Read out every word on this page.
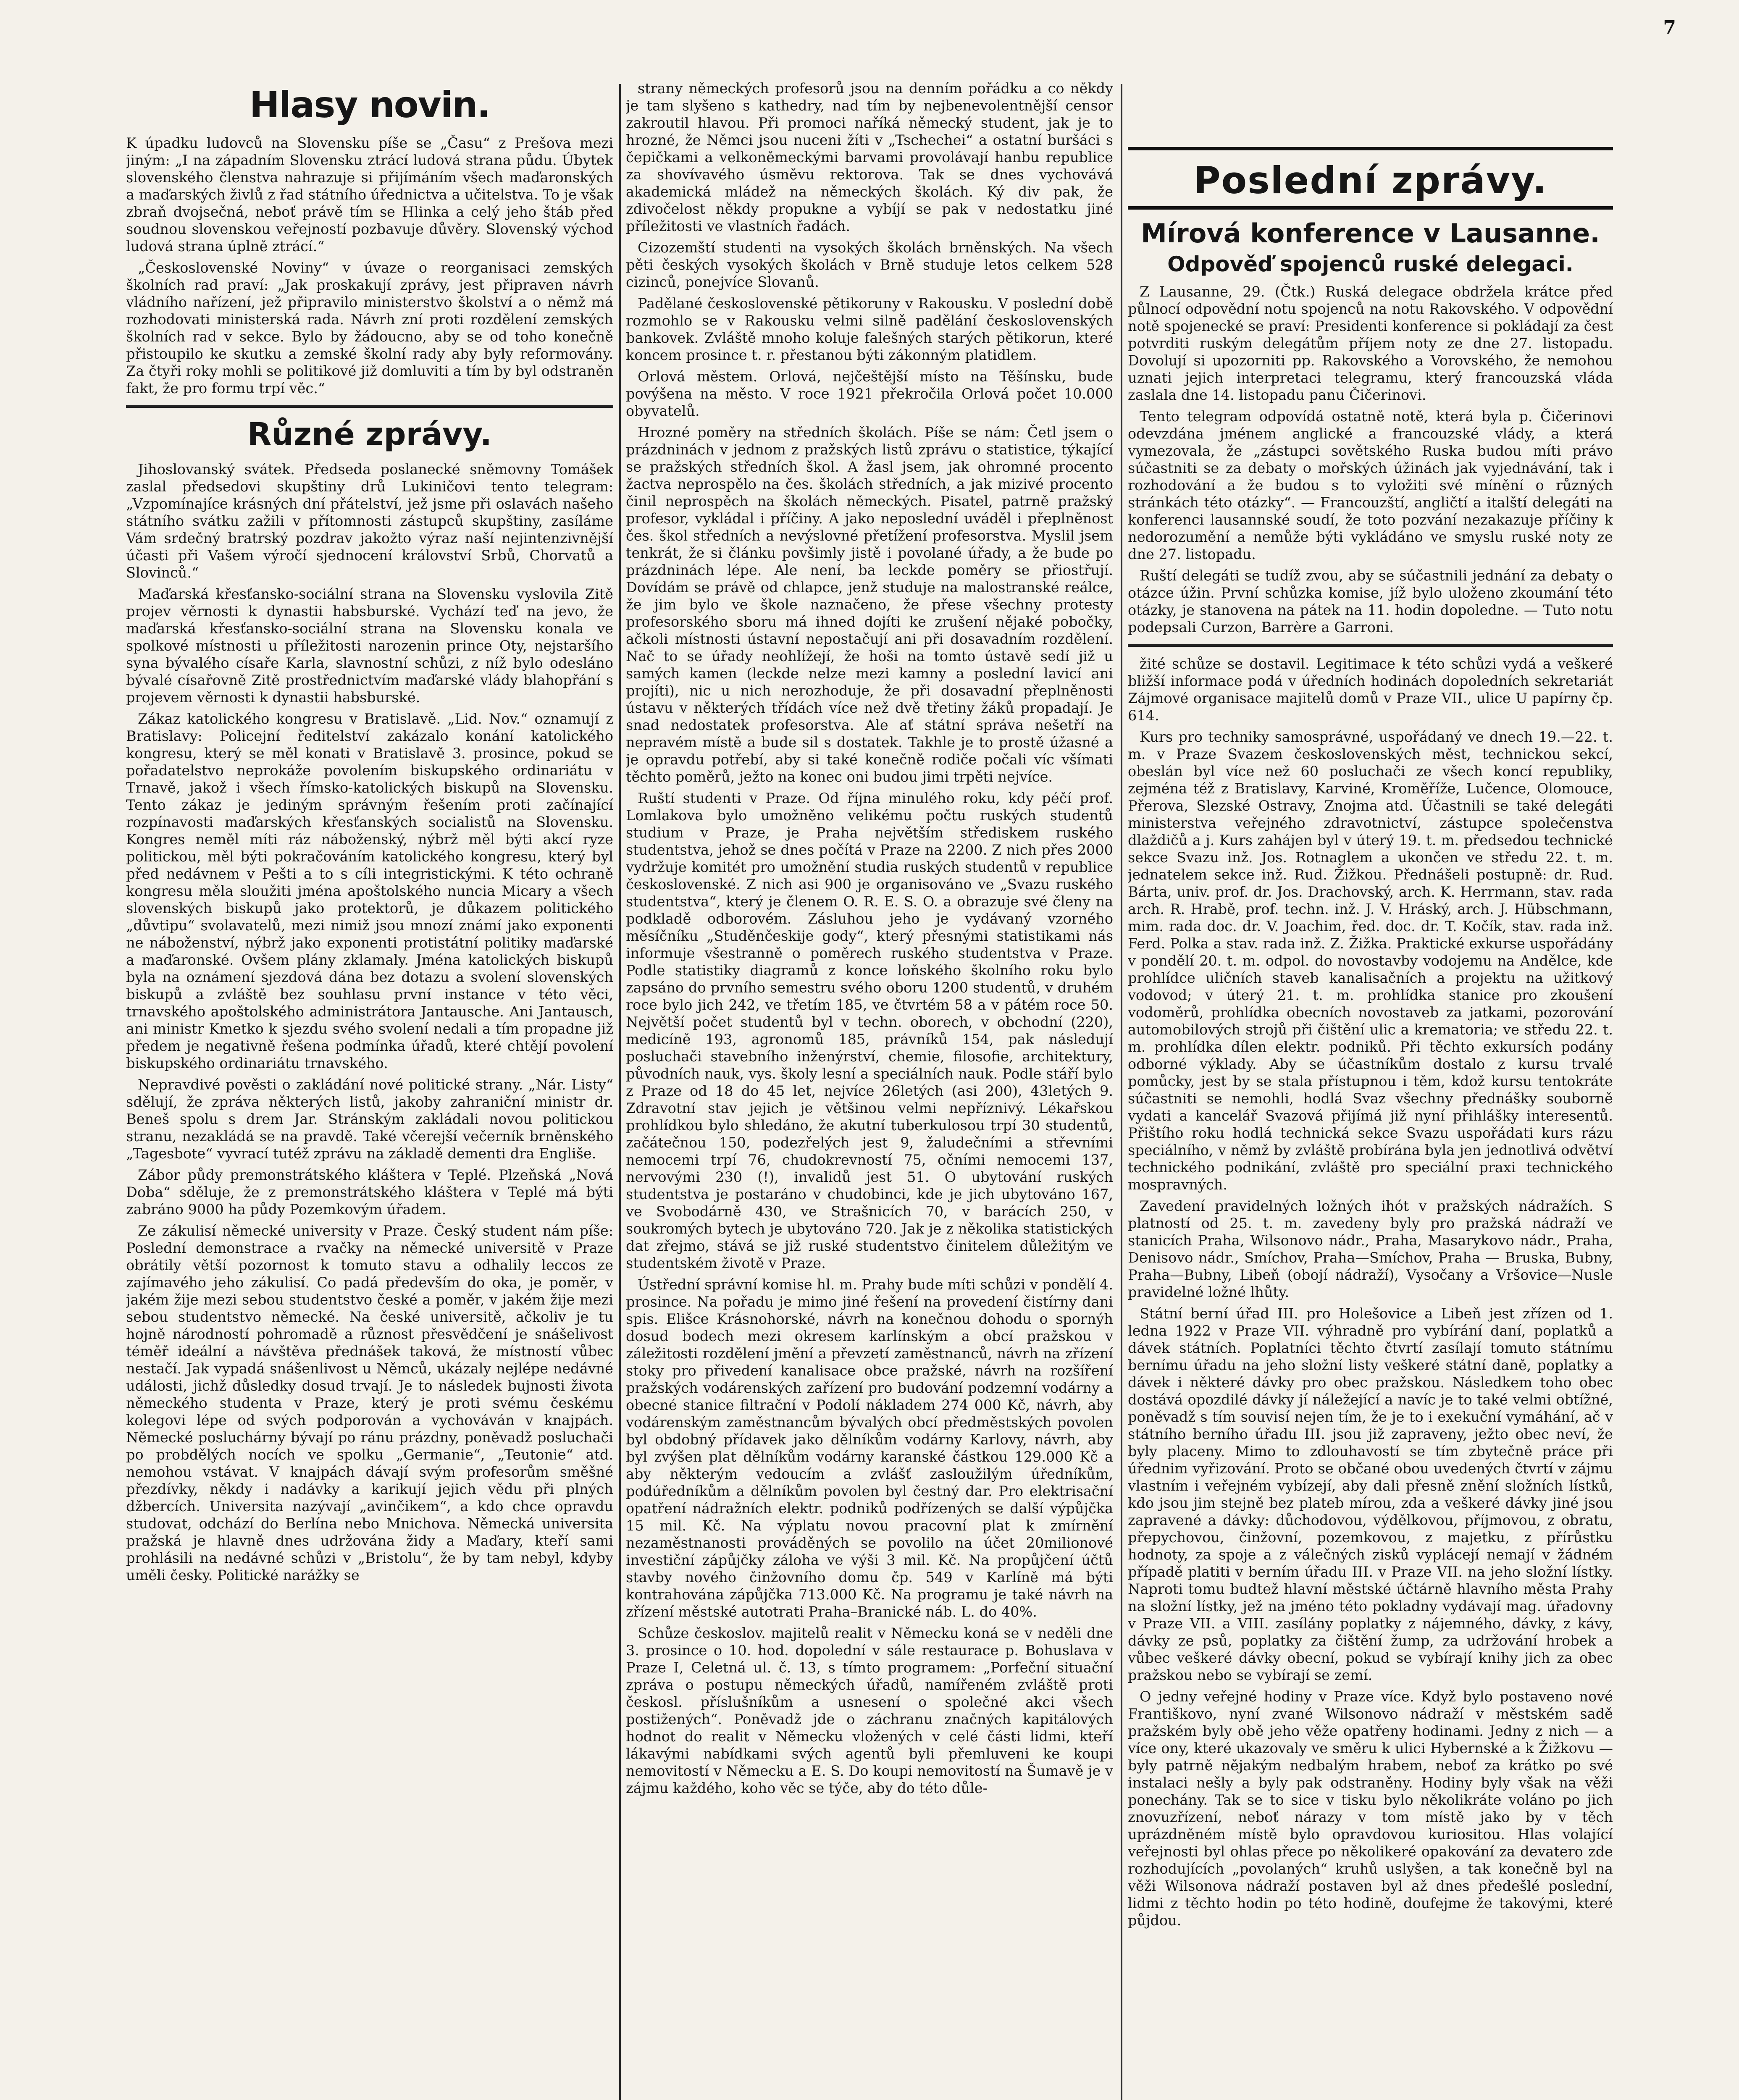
7
Hlasy novin.

K úpadku ludovců na Slovensku píše se „Času“ z Prešova mezi jiným: „I na západním Slovensku ztrácí ludová strana půdu. Úbytek slovenského členstva nahrazuje si přijímáním všech maďaronských a maďarských živlů z řad státního úřednictva a učitelstva. To je však zbraň dvojsečná, neboť právě tím se Hlinka a celý jeho štáb před soudnou slovenskou veřejností pozbavuje důvěry. Slovenský východ ludová strana úplně ztrácí.“

„Československé Noviny“ v úvaze o reorganisaci zemských školních rad praví: „Jak proskakují zprávy, jest připraven návrh vládního nařízení, jež připravilo ministerstvo školství a o němž má rozhodovati ministerská rada. Návrh zní proti rozdělení zemských školních rad v sekce. Bylo by žádoucno, aby se od toho konečně přistoupilo ke skutku a zemské školní rady aby byly reformovány. Za čtyři roky mohli se politikové již domluviti a tím by byl odstraněn fakt, že pro formu trpí věc.“

Různé zprávy.

Jihoslovanský svátek. Předseda poslanecké sněmovny Tomášek zaslal předsedovi skupštiny drů Lukiničovi tento telegram: „Vzpomínajíce krásných dní přátelství, jež jsme při oslavách našeho státního svátku zažili v přítomnosti zástupců skupštiny, zasíláme Vám srdečný bratrský pozdrav jakožto výraz naší nejintenzivnější účasti při Vašem výročí sjednocení království Srbů, Chorvatů a Slovinců.“

Maďarská křesťansko-sociální strana na Slovensku vyslovila Zitě projev věrnosti k dynastii habsburské. Vychází teď na jevo, že maďarská křesťansko-sociální strana na Slovensku konala ve spolkové místnosti u příležitosti narozenin prince Oty, nejstaršího syna bývalého císaře Karla, slavnostní schůzi, z níž bylo odesláno bývalé císařovně Zitě prostřednictvím maďarské vlády blahopřání s projevem věrnosti k dynastii habsburské.

Zákaz katolického kongresu v Bratislavě. „Lid. Nov.“ oznamují z Bratislavy: Policejní ředitelství zakázalo konání katolického kongresu, který se měl konati v Bratislavě 3. prosince, pokud se pořadatelstvo neprokáže povolením biskupského ordinariátu v Trnavě, jakož i všech římsko-katolických biskupů na Slovensku. Tento zákaz je jediným správným řešením proti začínající rozpínavosti maďarských křesťanských socialistů na Slovensku. Kongres neměl míti ráz náboženský, nýbrž měl býti akcí ryze politickou, měl býti pokračováním katolického kongresu, který byl před nedávnem v Pešti a to s cíli integristickými. K této ochraně kongresu měla sloužiti jména apoštolského nuncia Micary a všech slovenských biskupů jako protektorů, je důkazem politického „důvtipu“ svolavatelů, mezi nimiž jsou mnozí známí jako exponenti ne náboženství, nýbrž jako exponenti protistátní politiky maďarské a maďaronské. Ovšem plány zklamaly. Jména katolických biskupů byla na oznámení sjezdová dána bez dotazu a svolení slovenských biskupů a zvláště bez souhlasu první instance v této věci, trnavského apoštolského administrátora Jantauschе. Ani Jantausch, ani ministr Kmetko k sjezdu svého svolení nedali a tím propadne již předem je negativně řešena podmínka úřadů, které chtějí povolení biskupského ordinariátu trnavského.

Nepravdivé pověsti o zakládání nové politické strany. „Nár. Listy“ sdělují, že zpráva některých listů, jakoby zahraniční ministr dr. Beneš spolu s drem Jar. Stránským zakládali novou politickou stranu, nezakládá se na pravdě. Také včerejší večerník brněnského „Tagesbote“ vyvrací tutéž zprávu na základě dementi dra Engliše.

Zábor půdy premonstrátského kláštera v Teplé. Plzeňská „Nová Doba“ sděluje, že z premonstrátského kláštera v Teplé má býti zabráno 9000 ha půdy Pozemkovým úřadem.

Ze zákulisí německé university v Praze. Český student nám píše: Poslední demonstrace a rvačky na německé universitě v Praze obrátily větší pozornost k tomuto stavu a odhalily leccos ze zajímavého jeho zákulisí. Co padá především do oka, je poměr, v jakém žije mezi sebou studentstvo české a poměr, v jakém žije mezi sebou studentstvo německé. Na české universitě, ačkoliv je tu hojně národností pohromadě a různost přesvědčení je snášelivost téměř ideální a návštěva přednášek taková, že místností vůbec nestačí. Jak vypadá snášenlivost u Němců, ukázaly nejlépe nedávné události, jichž důsledky dosud trvají. Je to následek bujnosti života německého studenta v Praze, který je proti svému českému kolegovi lépe od svých podporován a vychováván v knajpách. Německé posluchárny bývají po ránu prázdny, poněvadž posluchači po probdělých nocích ve spolku „Germanie“, „Teutonie“ atd. nemohou vstávat. V knajpách dávají svým profesorům směšné přezdívky, někdy i nadávky a karikují jejich vědu při plných džbercích. Universita nazývají „avinčikem“, a kdo chce opravdu studovat, odchází do Berlína nebo Mnichova. Německá universita pražská je hlavně dnes udržována židy a Maďary, kteří sami prohlásili na nedávné schůzi v „Bristolu“, že by tam nebyl, kdyby uměli česky. Politické narážky se

strany německých profesorů jsou na denním pořádku a co někdy je tam slyšeno s kathedry, nad tím by nejbenevolentnější censor zakroutil hlavou. Při promoci naříká německý student, jak je to hrozné, že Němci jsou nuceni žíti v „Tschechei“ a ostatní buršáci s čepičkami a velkoněmeckými barvami provolávají hanbu republice za shovívavého úsměvu rektorova. Tak se dnes vychovává akademická mládež na německých školách. Ký div pak, že zdivočelost někdy propukne a vybíjí se pak v nedostatku jiné příležitosti ve vlastních řadách.

Cizozemští studenti na vysokých školách brněnských. Na všech pěti českých vysokých školách v Brně studuje letos celkem 528 cizinců, ponejvíce Slovanů.

Padělané československé pětikoruny v Rakousku. V poslední době rozmohlo se v Rakousku velmi silně padělání československých bankovek. Zvláště mnoho koluje falešných starých pětikorun, které koncem prosince t. r. přestanou býti zákonným platidlem.

Orlová městem. Orlová, nejčeštější místo na Těšínsku, bude povýšena na město. V roce 1921 překročila Orlová počet 10.000 obyvatelů.

Hrozné poměry na středních školách. Píše se nám: Četl jsem o prázdninách v jednom z pražských listů zprávu o statistice, týkající se pražských středních škol. A žasl jsem, jak ohromné procento žactva neprospělo na čes. školách středních, a jak mizivé procento činil neprospěch na školách německých. Pisatel, patrně pražský profesor, vykládal i příčiny. A jako neposlední uváděl i přeplněnost čes. škol středních a nevýslovné přetížení profesorstva. Myslil jsem tenkrát, že si článku povšimly jistě i povolané úřady, a že bude po prázdninách lépe. Ale není, ba leckde poměry se přiostřují. Dovídám se právě od chlapce, jenž studuje na malostranské reálce, že jim bylo ve škole naznačeno, že přese všechny protesty profesorského sboru má ihned dojíti ke zrušení nějaké pobočky, ačkoli místnosti ústavní nepostačují ani při dosavadním rozdělení. Nač to se úřady neohlížejí, že hoši na tomto ústavě sedí již u samých kamen (leckde nelze mezi kamny a poslední lavicí ani projíti), nic u nich nerozhoduje, že při dosavadní přeplněnosti ústavu v některých třídách více než dvě třetiny žáků propadají. Je snad nedostatek profesorstva. Ale ať státní správa nešetří na nepravém místě a bude sil s dostatek. Takhle je to prostě úžasné a je opravdu potřebí, aby si také konečně rodiče počali víc všímati těchto poměrů, ježto na konec oni budou jimi trpěti nejvíce.

Ruští studenti v Praze. Od října minulého roku, kdy péčí prof. Lomlakova bylo umožněno velikému počtu ruských studentů studium v Praze, je Praha největším střediskem ruského studentstva, jehož se dnes počítá v Praze na 2200. Z nich přes 2000 vydržuje komitét pro umožnění studia ruských studentů v republice československé. Z nich asi 900 je organisováno ve „Svazu ruského studentstva“, který je členem O. R. E. S. O. a obrazuje své členy na podkladě odborovém. Zásluhou jeho je vydávaný vzorného měsíčníku „Studěnčeskije gody“, který přesnými statistikami nás informuje všestranně o poměrech ruského studentstva v Praze. Podle statistiky diagramů z konce loňského školního roku bylo zapsáno do prvního semestru svého oboru 1200 studentů, v druhém roce bylo jich 242, ve třetím 185, ve čtvrtém 58 a v pátém roce 50. Největší počet studentů byl v techn. oborech, v obchodní (220), medicíně 193, agronomů 185, právníků 154, pak následují posluchači stavebního inženýrství, chemie, filosofie, architektury, původních nauk, vys. školy lesní a speciálních nauk. Podle stáří bylo z Praze od 18 do 45 let, nejvíce 26letých (asi 200), 43letých 9. Zdravotní stav jejich je většinou velmi nepříznivý. Lékařskou prohlídkou bylo shledáno, že akutní tuberkulosou trpí 30 studentů, začátečnou 150, podezřelých jest 9, žaludečními a střevními nemocemi trpí 76, chudokrevností 75, očními nemocemi 137, nervovými 230 (!), invalidů jest 51. O ubytování ruských studentstva je postaráno v chudobinci, kde je jich ubytováno 167, ve Svobodárně 430, ve Strašnicích 70, v barácích 250, v soukromých bytech je ubytováno 720. Jak je z několika statistických dat zřejmo, stává se již ruské studentstvo činitelem důležitým ve studentském životě v Praze.

Ústřední správní komise hl. m. Prahy bude míti schůzi v pondělí 4. prosince. Na pořadu je mimo jiné řešení na provedení čistírny dani spis. Elišce Krásnohorské, návrh na konečnou dohodu o spornýh dosud bodech mezi okresem karlínským a obcí pražskou v záležitosti rozdělení jmění a převzetí zaměstnanců, návrh na zřízení stoky pro přivedení kanalisace obce pražské, návrh na rozšíření pražských vodárenských zařízení pro budování podzemní vodárny a obecné stanice filtrační v Podolí nákladem 274 000 Kč, návrh, aby vodárenským zaměstnancům bývalých obcí předměstských povolen byl obdobný přídavek jako dělníkům vodárny Karlovy, návrh, aby byl zvýšen plat dělníkům vodárny karanské částkou 129.000 Kč a aby některým vedoucím a zvlášť zasloužilým úředníkům, podúředníkům a dělníkům povolen byl čestný dar. Pro elektrisační opatření nádražních elektr. podniků podřízených se další výpůjčka 15 mil. Kč. Na výplatu novou pracovní plat k zmírnění nezaměstnanosti prováděných se povolilo na účet 20milionové investiční zápůjčky záloha ve výši 3 mil. Kč. Na propůjčení účtů stavby nového činžovního domu čp. 549 v Karlíně má býti kontrahována zápůjčka 713.000 Kč. Na programu je také návrh na zřízení městské autotrati Praha–Branické náb. L. do 40%.

Schůze českoslov. majitelů realit v Německu koná se v neděli dne 3. prosince o 10. hod. dopolední v sále restaurace p. Bohuslava v Praze I, Celetná ul. č. 13, s tímto programem: „Porfeční situační zpráva o postupu německých úřadů, namířeném zvláště proti českosl. příslušníkům a usnesení o společné akci všech postižených“. Poněvadž jde o záchranu značných kapitálových hodnot do realit v Německu vložených v celé části lidmi, kteří lákavými nabídkami svých agentů byli přemluveni ke koupi nemovitostí v Německu a E. S. Do koupi nemovitostí na Šumavě je v zájmu každého, koho věc se týče, aby do této důle-

Poslední zprávy.
Mírová konference v Lausanne.
Odpověď spojenců ruské delegaci.

Z Lausanne, 29. (Čtk.) Ruská delegace obdržela krátce před půlnocí odpovědní notu spojenců na notu Rakovského. V odpovědní notě spojenecké se praví: Presidenti konference si pokládají za čest potvrditi ruským delegátům příjem noty ze dne 27. listopadu. Dovolují si upozorniti pp. Rakovského a Vorovského, že nemohou uznati jejich interpretaci telegramu, který francouzská vláda zaslala dne 14. listopadu panu Čičerinovi.

Tento telegram odpovídá ostatně notě, která byla p. Čičerinovi odevzdána jménem anglické a francouzské vlády, a která vymezovala, že „zástupci sovětského Ruska budou míti právo súčastniti se za debaty o mořských úžinách jak vyjednávání, tak i rozhodování a že budou s to vyložiti své mínění o různých stránkách této otázky“. — Francouzští, angličtí a italští delegáti na konferenci lausannské soudí, že toto pozvání nezakazuje příčiny k nedorozumění a nemůže býti vykládáno ve smyslu ruské noty ze dne 27. listopadu.

Ruští delegáti se tudíž zvou, aby se súčastnili jednání za debaty o otázce úžin. První schůzka komise, jíž bylo uloženo zkoumání této otázky, je stanovena na pátek na 11. hodin dopoledne. — Tuto notu podepsali Curzon, Barrère a Garroni.

žité schůze se dostavil. Legitimace k této schůzi vydá a veškeré bližší informace podá v úředních hodinách dopoledních sekretariát Zájmové organisace majitelů domů v Praze VII., ulice U papírny čp. 614.

Kurs pro techniky samosprávné, uspořádaný ve dnech 19.—22. t. m. v Praze Svazem československých měst, technickou sekcí, obeslán byl více než 60 posluchači ze všech koncí republiky, zejména též z Bratislavy, Karviné, Kroměříže, Lučence, Olomouce, Přerova, Slezské Ostravy, Znojma atd. Účastnili se také delegáti ministerstva veřejného zdravotnictví, zástupce společenstva dlaždičů a j. Kurs zahájen byl v úterý 19. t. m. předsedou technické sekce Svazu inž. Jos. Rotnaglem a ukončen ve středu 22. t. m. jednatelem sekce inž. Rud. Žižkou. Přednášeli postupně: dr. Rud. Bárta, univ. prof. dr. Jos. Drachovský, arch. K. Herrmann, stav. rada arch. R. Hrabě, prof. techn. inž. J. V. Hráský, arch. J. Hübschmann, mim. rada doc. dr. V. Joachim, řed. doc. dr. T. Kočík, stav. rada inž. Ferd. Polka a stav. rada inž. Z. Žižka. Praktické exkurse uspořádány v pondělí 20. t. m. odpol. do novostavby vodojemu na Andělce, kde prohlídce uličních staveb kanalisačních a projektu na užitkový vodovod; v úterý 21. t. m. prohlídka stanice pro zkoušení vodoměrů, prohlídka obecních novostaveb za jatkami, pozorování automobilových strojů při čištění ulic a krematoria; ve středu 22. t. m. prohlídka dílen elektr. podniků. Při těchto exkursích podány odborné výklady. Aby se účastníkům dostalo z kursu trvalé pomůcky, jest by se stala přístupnou i těm, kdož kursu tentokráte súčastniti se nemohli, hodlá Svaz všechny přednášky souborně vydati a kancelář Svazová přijímá již nyní přihlášky interesentů. Přištího roku hodlá technická sekce Svazu uspořádati kurs rázu speciálního, v němž by zvláště probírána byla jen jednotlivá odvětví technického podnikání, zvláště pro speciální praxi technického mospravných.

Zavedení pravidelných ložných ihót v pražských nádražích. S platností od 25. t. m. zavedeny byly pro pražská nádraží ve stanicích Praha, Wilsonovo nádr., Praha, Masarykovo nádr., Praha, Denisovo nádr., Smíchov, Praha—Smíchov, Praha — Bruska, Bubny, Praha—Bubny, Libeň (obojí nádraží), Vysočany a Vršovice—Nusle pravidelné ložné lhůty.

Státní berní úřad III. pro Holešovice a Libeň jest zřízen od 1. ledna 1922 v Praze VII. výhradně pro vybírání daní, poplatků a dávek státních. Poplatníci těchto čtvrtí zasílají tomuto státnímu bernímu úřadu na jeho složní listy veškeré státní daně, poplatky a dávek i některé dávky pro obec pražskou. Následkem toho obec dostává opozdilé dávky jí náležející a navíc je to také velmi obtížné, poněvadž s tím souvisí nejen tím, že je to i exekuční vymáhání, ač v státního berního úřadu III. jsou již zapraveny, ježto obec neví, že byly placeny. Mimo to zdlouhavostí se tím zbytečně práce při úřednim vyřizování. Proto se občané obou uvedených čtvrtí v zájmu vlastním i veřejném vybízejí, aby dali přesně znění složních lístků, kdo jsou jim stejně bez plateb mírou, zda a veškeré dávky jiné jsou zapravené a dávky: důchodovou, výdělkovou, příjmovou, z obratu, přepychovou, činžovní, pozemkovou, z majetku, z přírůstku hodnoty, za spoje a z válečných zisků vyplácejí nemají v žádném případě platiti v berním úřadu III. v Praze VII. na jeho složní lístky. Naproti tomu budtež hlavní městské účtárně hlavního města Prahy na složní lístky, jež na jméno této pokladny vydávají mag. úřadovny v Praze VII. a VIII. zasílány poplatky z nájemného, dávky, z kávy, dávky ze psů, poplatky za čištění žump, za udržování hrobek a vůbec veškeré dávky obecní, pokud se vybírají knihy jich za obec pražskou nebo se vybírají se zemí.

O jedny veřejné hodiny v Praze více. Když bylo postaveno nové Františkovo, nyní zvané Wilsonovo nádraží v městském sadě pražském byly obě jeho věže opatřeny hodinami. Jedny z nich — a více ony, které ukazovaly ve směru k ulici Hybernské a k Žižkovu — byly patrně nějakým nedbalým hrabem, neboť za krátko po své instalaci nešly a byly pak odstraněny. Hodiny byly však na věži ponechány. Tak se to sice v tisku bylo několikráte voláno po jich znovuzřízení, neboť nárazy v tom místě jako by v těch uprázdněném místě bylo opravdovou kuriositou. Hlas volající veřejnosti byl ohlas přece po několikeré opakování za devatero zde rozhodujících „povolaných“ kruhů uslyšen, a tak konečně byl na věži Wilsonova nádraží postaven byl až dnes předešlé poslední, lidmi z těchto hodin po této hodině, doufejme že takovými, které půjdou.
